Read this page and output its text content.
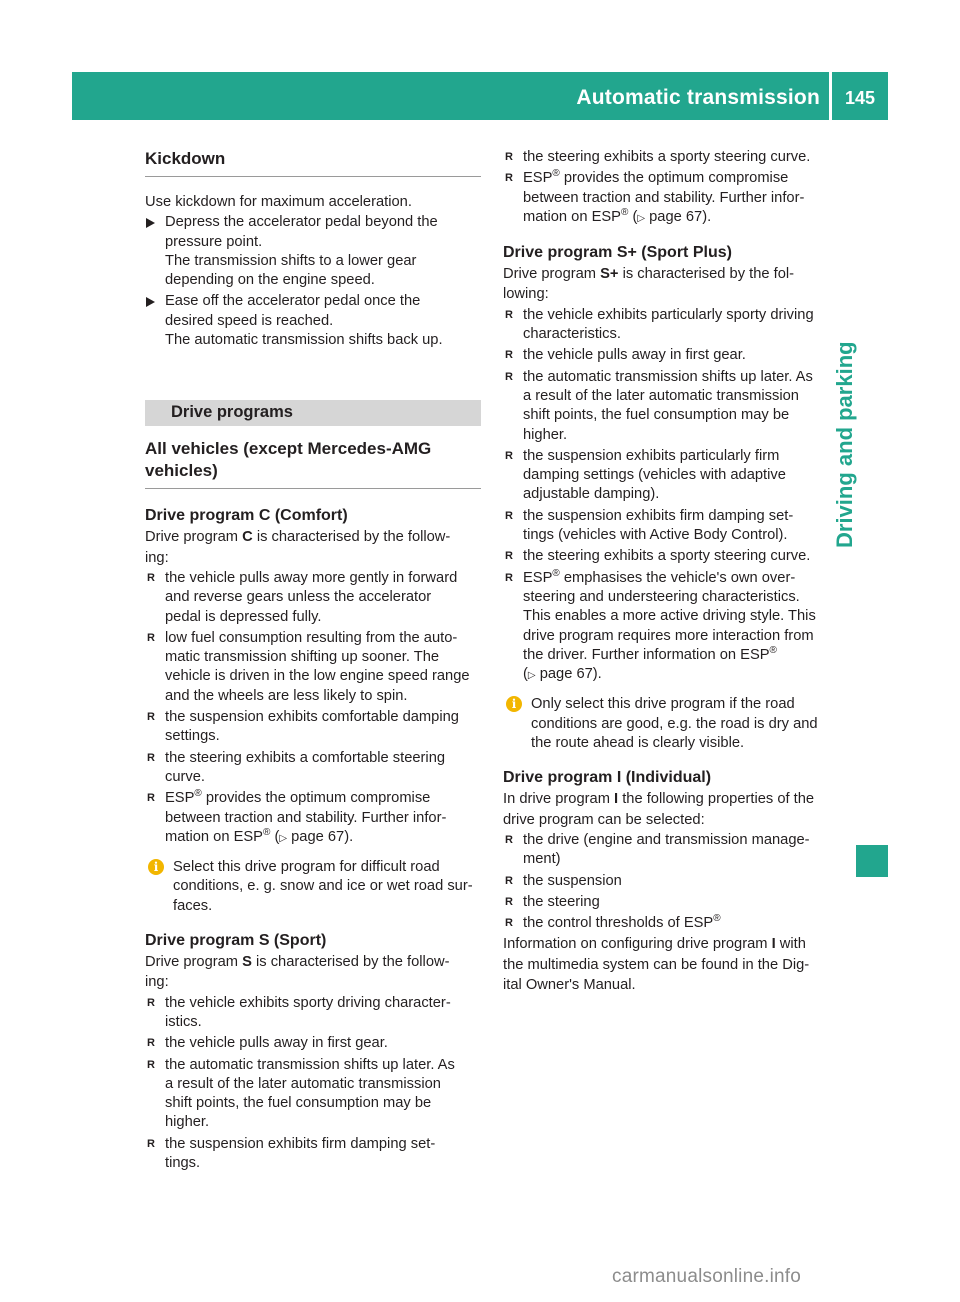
Automatic transmission	145
Driving and parking
Kickdown
Use kickdown for maximum acceleration.
Depress the accelerator pedal beyond the
pressure point.
The transmission shifts to a lower gear
depending on the engine speed.
Ease off the accelerator pedal once the
desired speed is reached.
The automatic transmission shifts back up.
Drive programs
All vehicles (except Mercedes-AMG
vehicles)
Drive program C (Comfort)
Drive program C is characterised by the follow-
ing:
R the vehicle pulls away more gently in forward
and reverse gears unless the accelerator
pedal is depressed fully.
R low fuel consumption resulting from the auto-
matic transmission shifting up sooner. The
vehicle is driven in the low engine speed range
and the wheels are less likely to spin.
R the suspension exhibits comfortable damping
settings.
R the steering exhibits a comfortable steering
curve.
R ESP® provides the optimum compromise
between traction and stability. Further infor-
mation on ESP® (▷ page 67).
i	Select this drive program for difficult road
conditions, e. g. snow and ice or wet road sur-
faces.
Drive program S (Sport)
Drive program S is characterised by the follow-
ing:
R the vehicle exhibits sporty driving character-
istics.
R the vehicle pulls away in first gear.
R the automatic transmission shifts up later. As
a result of the later automatic transmission
shift points, the fuel consumption may be
higher.
R the suspension exhibits firm damping set-
tings.
R the steering exhibits a sporty steering curve.
R ESP® provides the optimum compromise
between traction and stability. Further infor-
mation on ESP® (▷ page 67).
Drive program S+ (Sport Plus)
Drive program S+ is characterised by the fol-
lowing:
R the vehicle exhibits particularly sporty driving
characteristics.
R the vehicle pulls away in first gear.
R the automatic transmission shifts up later. As
a result of the later automatic transmission
shift points, the fuel consumption may be
higher.
R the suspension exhibits particularly firm
damping settings (vehicles with adaptive
adjustable damping).
R the suspension exhibits firm damping set-
tings (vehicles with Active Body Control).
R the steering exhibits a sporty steering curve.
R ESP® emphasises the vehicle's own over-
steering and understeering characteristics.
This enables a more active driving style. This
drive program requires more interaction from
the driver. Further information on ESP®
(▷ page 67).
i	Only select this drive program if the road
conditions are good, e.g. the road is dry and
the route ahead is clearly visible.
Drive program I (Individual)
In drive program I the following properties of the
drive program can be selected:
R the drive (engine and transmission manage-
ment)
R the suspension
R the steering
R the control thresholds of ESP®
Information on configuring drive program I with
the multimedia system can be found in the Dig-
ital Owner's Manual.
carmanualsonline.info
